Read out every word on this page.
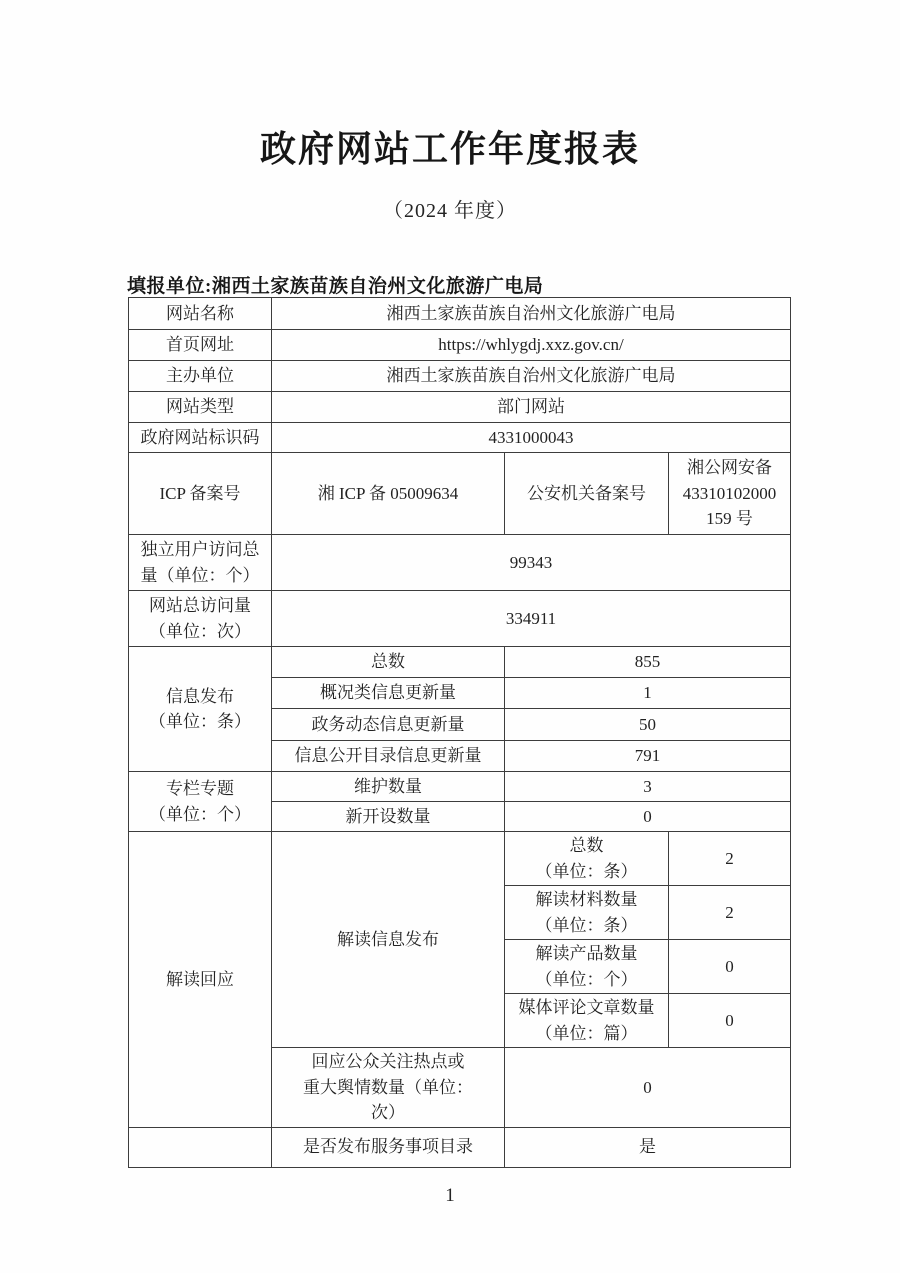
政府网站工作年度报表
（2024 年度）
填报单位:湘西土家族苗族自治州文化旅游广电局
网站名称	湘西土家族苗族自治州文化旅游广电局		
首页网址	https://whlygdj.xxz.gov.cn/		
主办单位	湘西土家族苗族自治州文化旅游广电局		
网站类型	部门网站		
政府网站标识码	4331000043		
ICP 备案号	湘 ICP 备 05009634	公安机关备案号	湘公网安备
43310102000
159 号
独立用户访问总
量（单位：个）	99343		
网站总访问量
（单位：次）	334911		
信息发布
（单位：条）	总数	855	
	概况类信息更新量	1	
	政务动态信息更新量	50	
	信息公开目录信息更新量	791	
专栏专题
（单位：个）	维护数量	3	
	新开设数量	0	
解读回应	解读信息发布	总数
（单位：条）	2
		解读材料数量
（单位：条）	2
		解读产品数量
（单位：个）	0
		媒体评论文章数量
（单位：篇）	0
	回应公众关注热点或
重大舆情数量（单位：
次）	0	
	是否发布服务事项目录	是	
1
